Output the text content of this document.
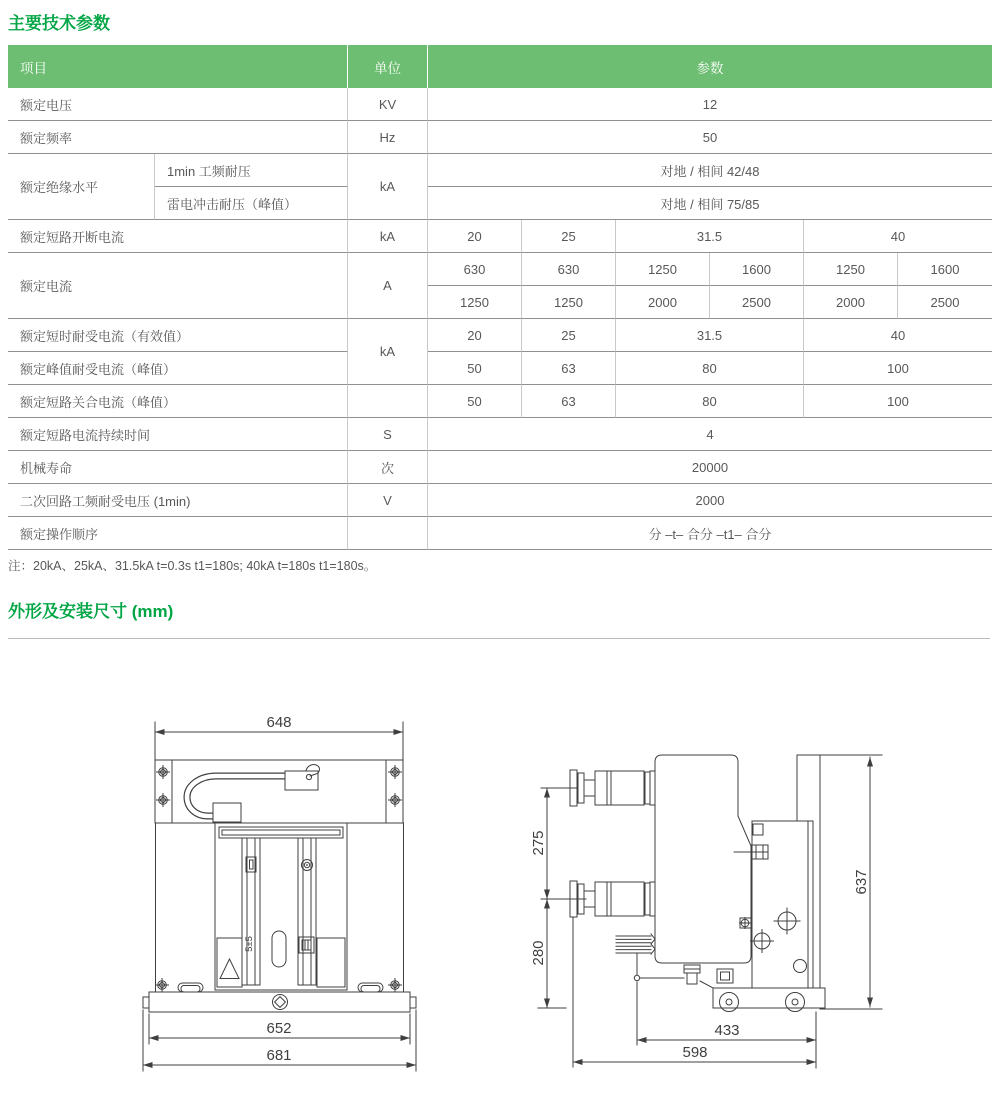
主要技术参数
项目		单位	参数					
额定电压		KV	12					
额定频率		Hz	50					
额定绝缘水平	1min 工频耐压	kA	对地 / 相间 42/48					
	雷电冲击耐压（峰值）		对地 / 相间 75/85					
额定短路开断电流		kA	20	25	31.5		40	
额定电流		A	630	630	1250	1600	1250	1600
			1250	1250	2000	2500	2000	2500
额定短时耐受电流（有效值）		kA	20	25	31.5		40	
额定峰值耐受电流（峰值）			50	63	80		100	
额定短路关合电流（峰值）			50	63	80		100	
额定短路电流持续时间		S	4					
机械寿命		次	20000					
二次回路工频耐受电压 (1min)		V	2000					
额定操作顺序			分 –t– 合分 –t1– 合分					
注：20kA、25kA、31.5kA t=0.3s t1=180s; 40kA t=180s t1=180s。
外形及安装尺寸 (mm)
648
5±5
652
681
275
280
637
433
598
